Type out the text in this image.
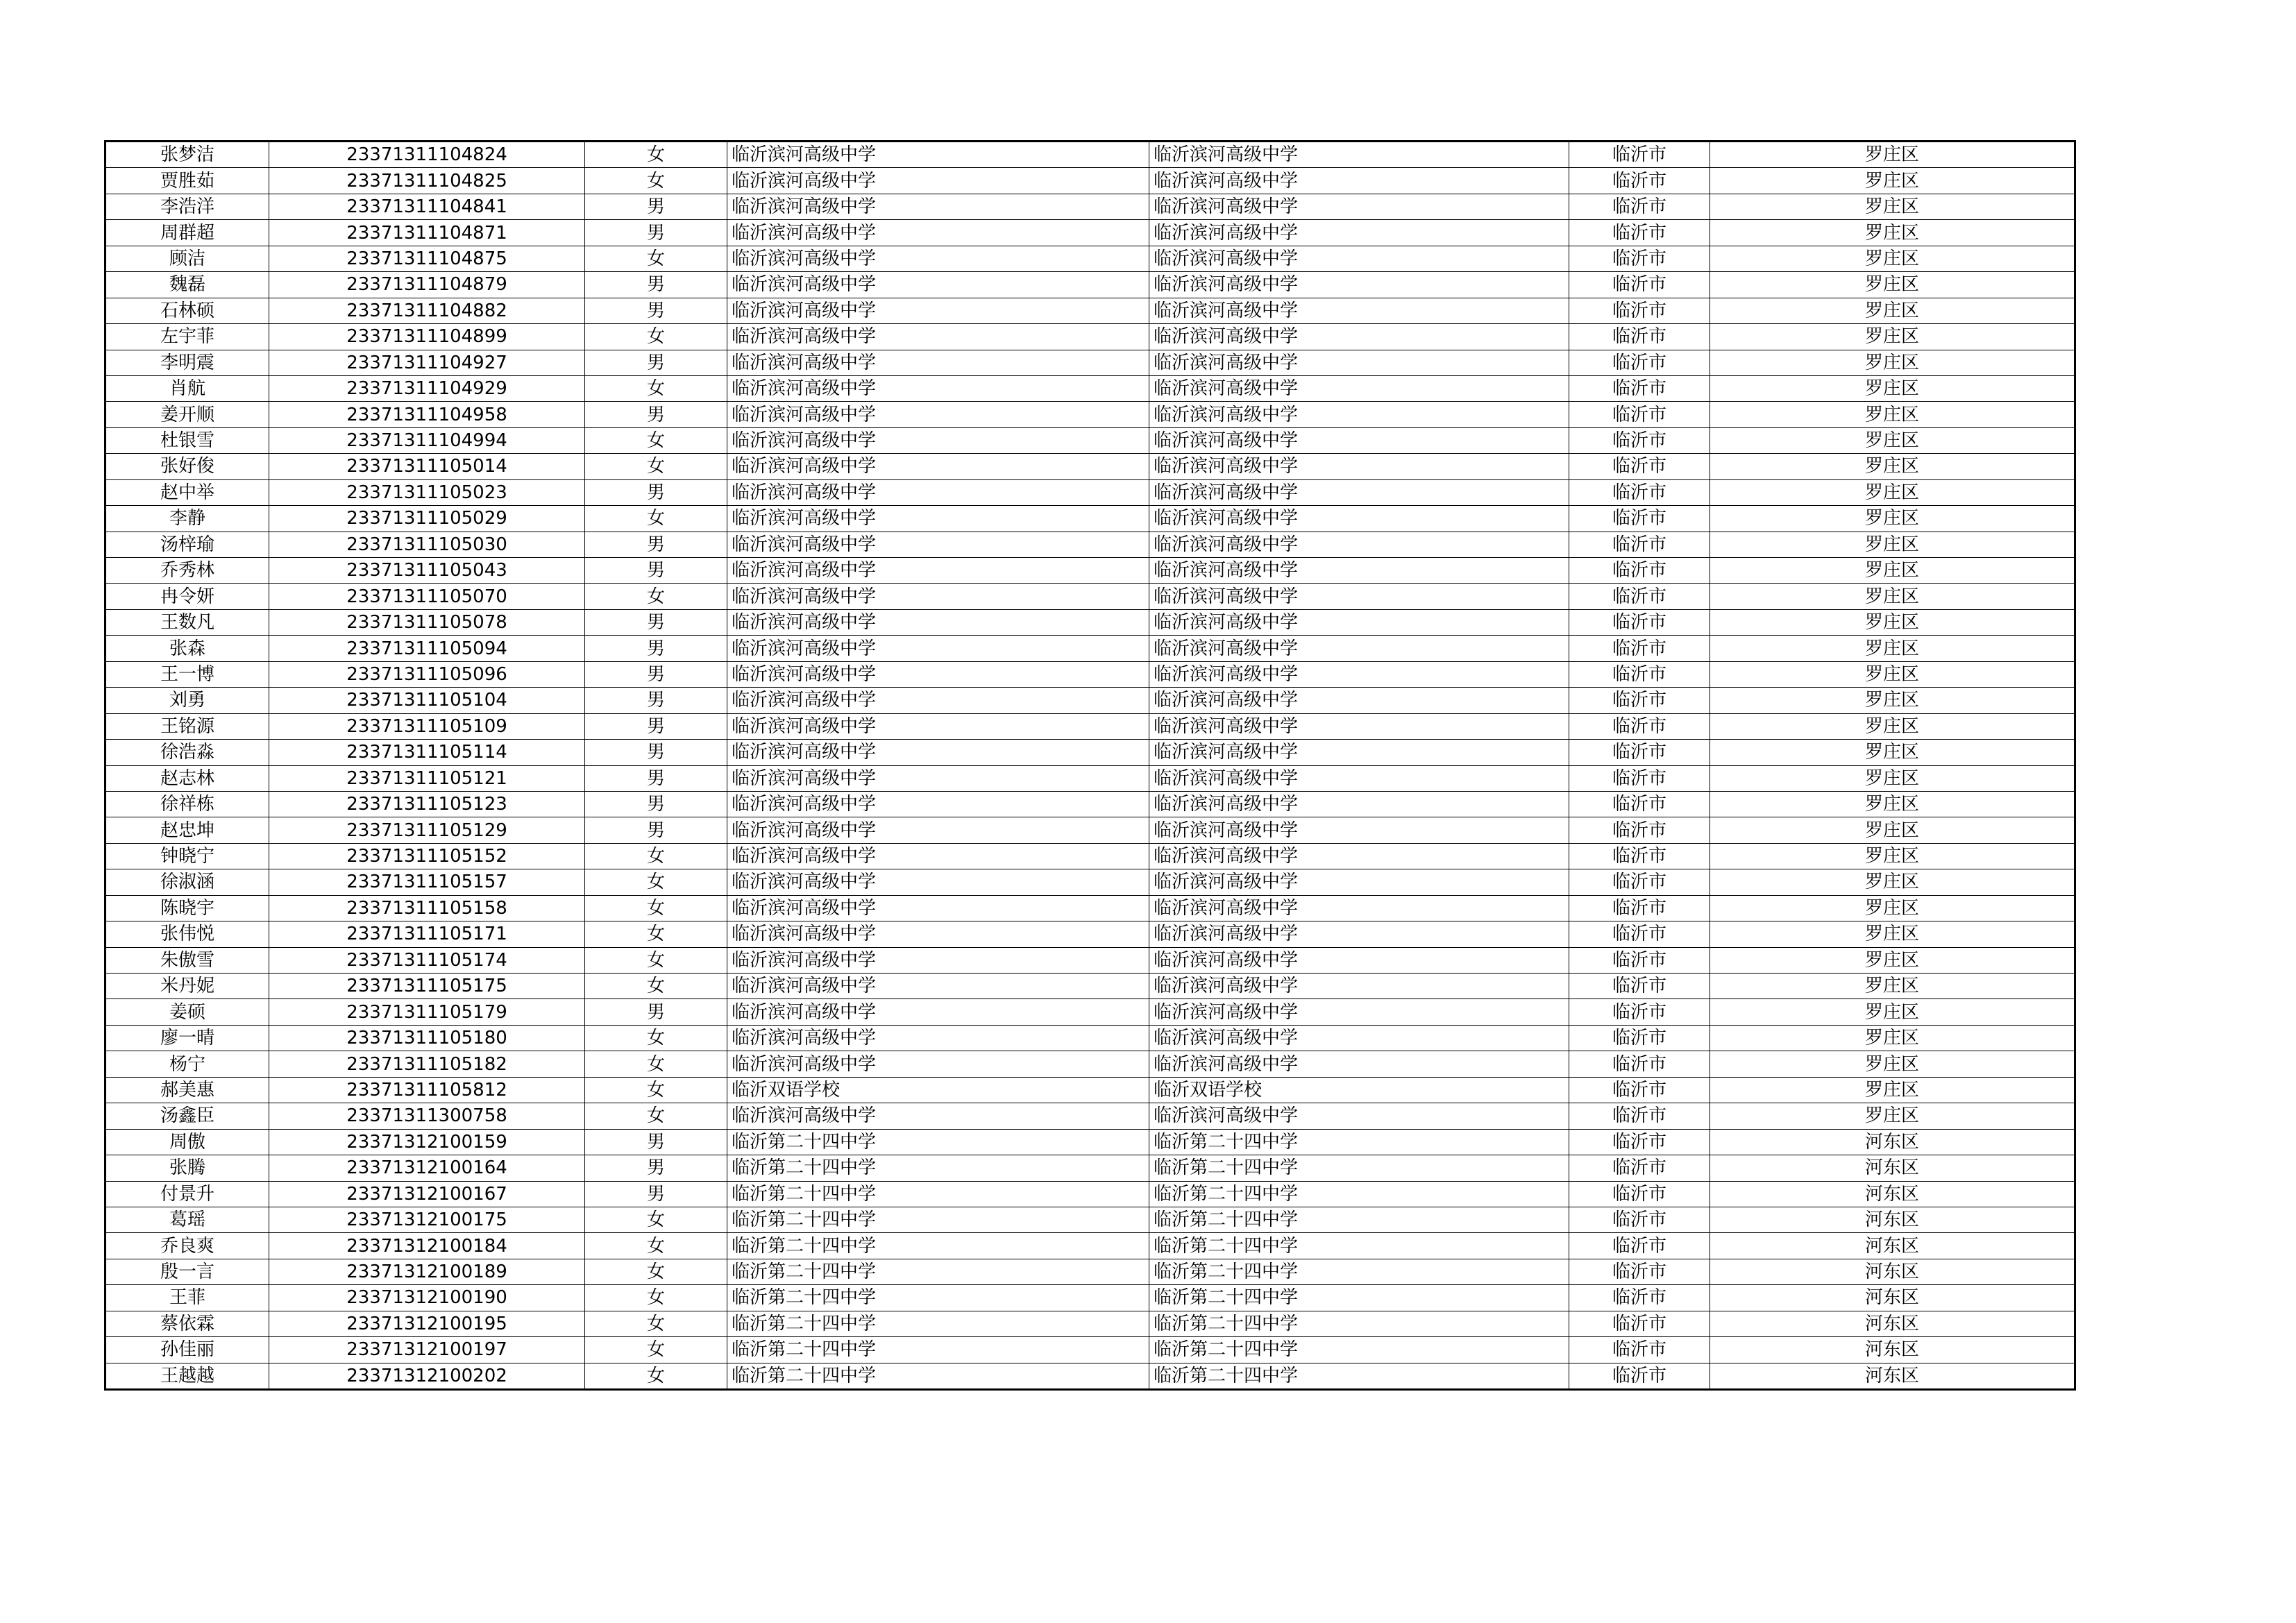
张梦洁	23371311104824	女	临沂滨河高级中学	临沂滨河高级中学	临沂市	罗庄区
贾胜茹	23371311104825	女	临沂滨河高级中学	临沂滨河高级中学	临沂市	罗庄区
李浩洋	23371311104841	男	临沂滨河高级中学	临沂滨河高级中学	临沂市	罗庄区
周群超	23371311104871	男	临沂滨河高级中学	临沂滨河高级中学	临沂市	罗庄区
顾洁	23371311104875	女	临沂滨河高级中学	临沂滨河高级中学	临沂市	罗庄区
魏磊	23371311104879	男	临沂滨河高级中学	临沂滨河高级中学	临沂市	罗庄区
石林硕	23371311104882	男	临沂滨河高级中学	临沂滨河高级中学	临沂市	罗庄区
左宇菲	23371311104899	女	临沂滨河高级中学	临沂滨河高级中学	临沂市	罗庄区
李明震	23371311104927	男	临沂滨河高级中学	临沂滨河高级中学	临沂市	罗庄区
肖航	23371311104929	女	临沂滨河高级中学	临沂滨河高级中学	临沂市	罗庄区
姜开顺	23371311104958	男	临沂滨河高级中学	临沂滨河高级中学	临沂市	罗庄区
杜银雪	23371311104994	女	临沂滨河高级中学	临沂滨河高级中学	临沂市	罗庄区
张好俊	23371311105014	女	临沂滨河高级中学	临沂滨河高级中学	临沂市	罗庄区
赵中举	23371311105023	男	临沂滨河高级中学	临沂滨河高级中学	临沂市	罗庄区
李静	23371311105029	女	临沂滨河高级中学	临沂滨河高级中学	临沂市	罗庄区
汤梓瑜	23371311105030	男	临沂滨河高级中学	临沂滨河高级中学	临沂市	罗庄区
乔秀林	23371311105043	男	临沂滨河高级中学	临沂滨河高级中学	临沂市	罗庄区
冉令妍	23371311105070	女	临沂滨河高级中学	临沂滨河高级中学	临沂市	罗庄区
王数凡	23371311105078	男	临沂滨河高级中学	临沂滨河高级中学	临沂市	罗庄区
张森	23371311105094	男	临沂滨河高级中学	临沂滨河高级中学	临沂市	罗庄区
王一博	23371311105096	男	临沂滨河高级中学	临沂滨河高级中学	临沂市	罗庄区
刘勇	23371311105104	男	临沂滨河高级中学	临沂滨河高级中学	临沂市	罗庄区
王铭源	23371311105109	男	临沂滨河高级中学	临沂滨河高级中学	临沂市	罗庄区
徐浩淼	23371311105114	男	临沂滨河高级中学	临沂滨河高级中学	临沂市	罗庄区
赵志林	23371311105121	男	临沂滨河高级中学	临沂滨河高级中学	临沂市	罗庄区
徐祥栋	23371311105123	男	临沂滨河高级中学	临沂滨河高级中学	临沂市	罗庄区
赵忠坤	23371311105129	男	临沂滨河高级中学	临沂滨河高级中学	临沂市	罗庄区
钟晓宁	23371311105152	女	临沂滨河高级中学	临沂滨河高级中学	临沂市	罗庄区
徐淑涵	23371311105157	女	临沂滨河高级中学	临沂滨河高级中学	临沂市	罗庄区
陈晓宇	23371311105158	女	临沂滨河高级中学	临沂滨河高级中学	临沂市	罗庄区
张伟悦	23371311105171	女	临沂滨河高级中学	临沂滨河高级中学	临沂市	罗庄区
朱傲雪	23371311105174	女	临沂滨河高级中学	临沂滨河高级中学	临沂市	罗庄区
米丹妮	23371311105175	女	临沂滨河高级中学	临沂滨河高级中学	临沂市	罗庄区
姜硕	23371311105179	男	临沂滨河高级中学	临沂滨河高级中学	临沂市	罗庄区
廖一晴	23371311105180	女	临沂滨河高级中学	临沂滨河高级中学	临沂市	罗庄区
杨宁	23371311105182	女	临沂滨河高级中学	临沂滨河高级中学	临沂市	罗庄区
郝美惠	23371311105812	女	临沂双语学校	临沂双语学校	临沂市	罗庄区
汤鑫臣	23371311300758	女	临沂滨河高级中学	临沂滨河高级中学	临沂市	罗庄区
周傲	23371312100159	男	临沂第二十四中学	临沂第二十四中学	临沂市	河东区
张腾	23371312100164	男	临沂第二十四中学	临沂第二十四中学	临沂市	河东区
付景升	23371312100167	男	临沂第二十四中学	临沂第二十四中学	临沂市	河东区
葛瑶	23371312100175	女	临沂第二十四中学	临沂第二十四中学	临沂市	河东区
乔良爽	23371312100184	女	临沂第二十四中学	临沂第二十四中学	临沂市	河东区
殷一言	23371312100189	女	临沂第二十四中学	临沂第二十四中学	临沂市	河东区
王菲	23371312100190	女	临沂第二十四中学	临沂第二十四中学	临沂市	河东区
蔡依霖	23371312100195	女	临沂第二十四中学	临沂第二十四中学	临沂市	河东区
孙佳丽	23371312100197	女	临沂第二十四中学	临沂第二十四中学	临沂市	河东区
王越越	23371312100202	女	临沂第二十四中学	临沂第二十四中学	临沂市	河东区
